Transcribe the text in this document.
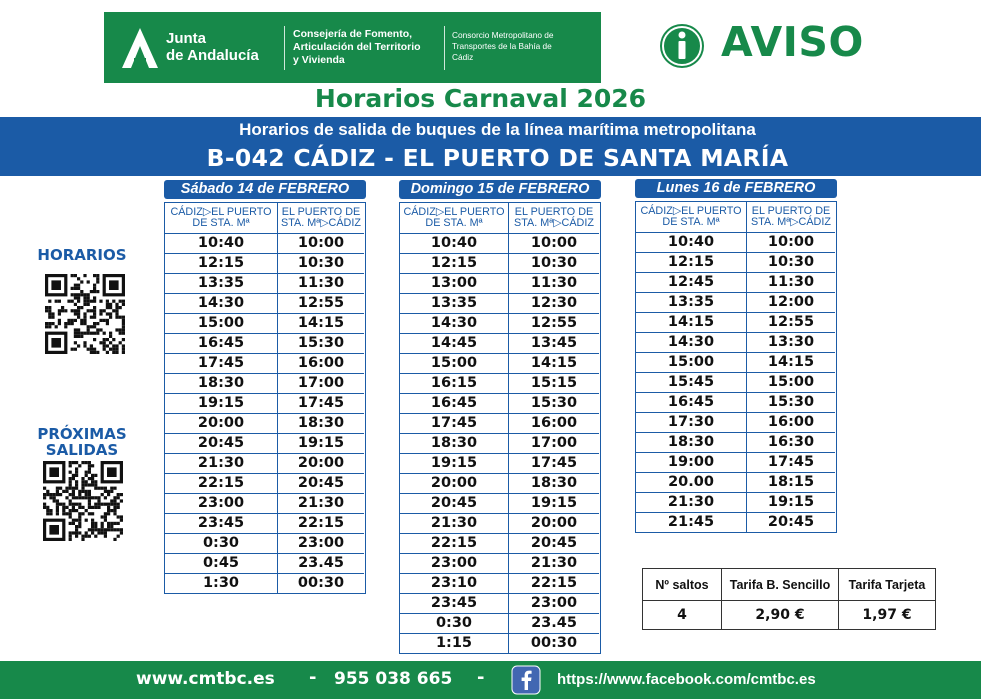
Junta
de Andalucía
Consejería de Fomento,
Articulación del Territorio
y Vivienda
Consorcio Metropolitano de
Transportes de la Bahía de
Cádiz	AVISO
Horarios Carnaval 2026
Horarios de salida de buques de la línea marítima metropolitana
B-042 CÁDIZ - EL PUERTO DE SANTA MARÍA
HORARIOS
PRÓXIMAS
SALIDAS
Sábado 14 de FEBRERO
CÁDIZ▷EL PUERTO
DE STA. Mª
EL PUERTO DE
STA. Mª▷CÁDIZ
10:40	10:00
12:15	10:30
13:35	11:30
14:30	12:55
15:00	14:15
16:45	15:30
17:45	16:00
18:30	17:00
19:15	17:45
20:00	18:30
20:45	19:15
21:30	20:00
22:15	20:45
23:00	21:30
23:45	22:15
0:30	23:00
0:45	23.45
1:30	00:30
Domingo 15 de FEBRERO
CÁDIZ▷EL PUERTO
DE STA. Mª
EL PUERTO DE
STA. Mª▷CÁDIZ
10:40	10:00
12:15	10:30
13:00	11:30
13:35	12:30
14:30	12:55
14:45	13:45
15:00	14:15
16:15	15:15
16:45	15:30
17:45	16:00
18:30	17:00
19:15	17:45
20:00	18:30
20:45	19:15
21:30	20:00
22:15	20:45
23:00	21:30
23:10	22:15
23:45	23:00
0:30	23.45
1:15	00:30
Lunes 16 de FEBRERO
CÁDIZ▷EL PUERTO
DE STA. Mª
EL PUERTO DE
STA. Mª▷CÁDIZ
10:40	10:00
12:15	10:30
12:45	11:30
13:35	12:00
14:15	12:55
14:30	13:30
15:00	14:15
15:45	15:00
16:45	15:30
17:30	16:00
18:30	16:30
19:00	17:45
20.00	18:15
21:30	19:15
21:45	20:45
Nº saltos	Tarifa B. Sencillo	Tarifa Tarjeta
4	2,90 €	1,97 €
www.cmtbc.es - 955 038 665 -	https://www.facebook.com/cmtbc.es
